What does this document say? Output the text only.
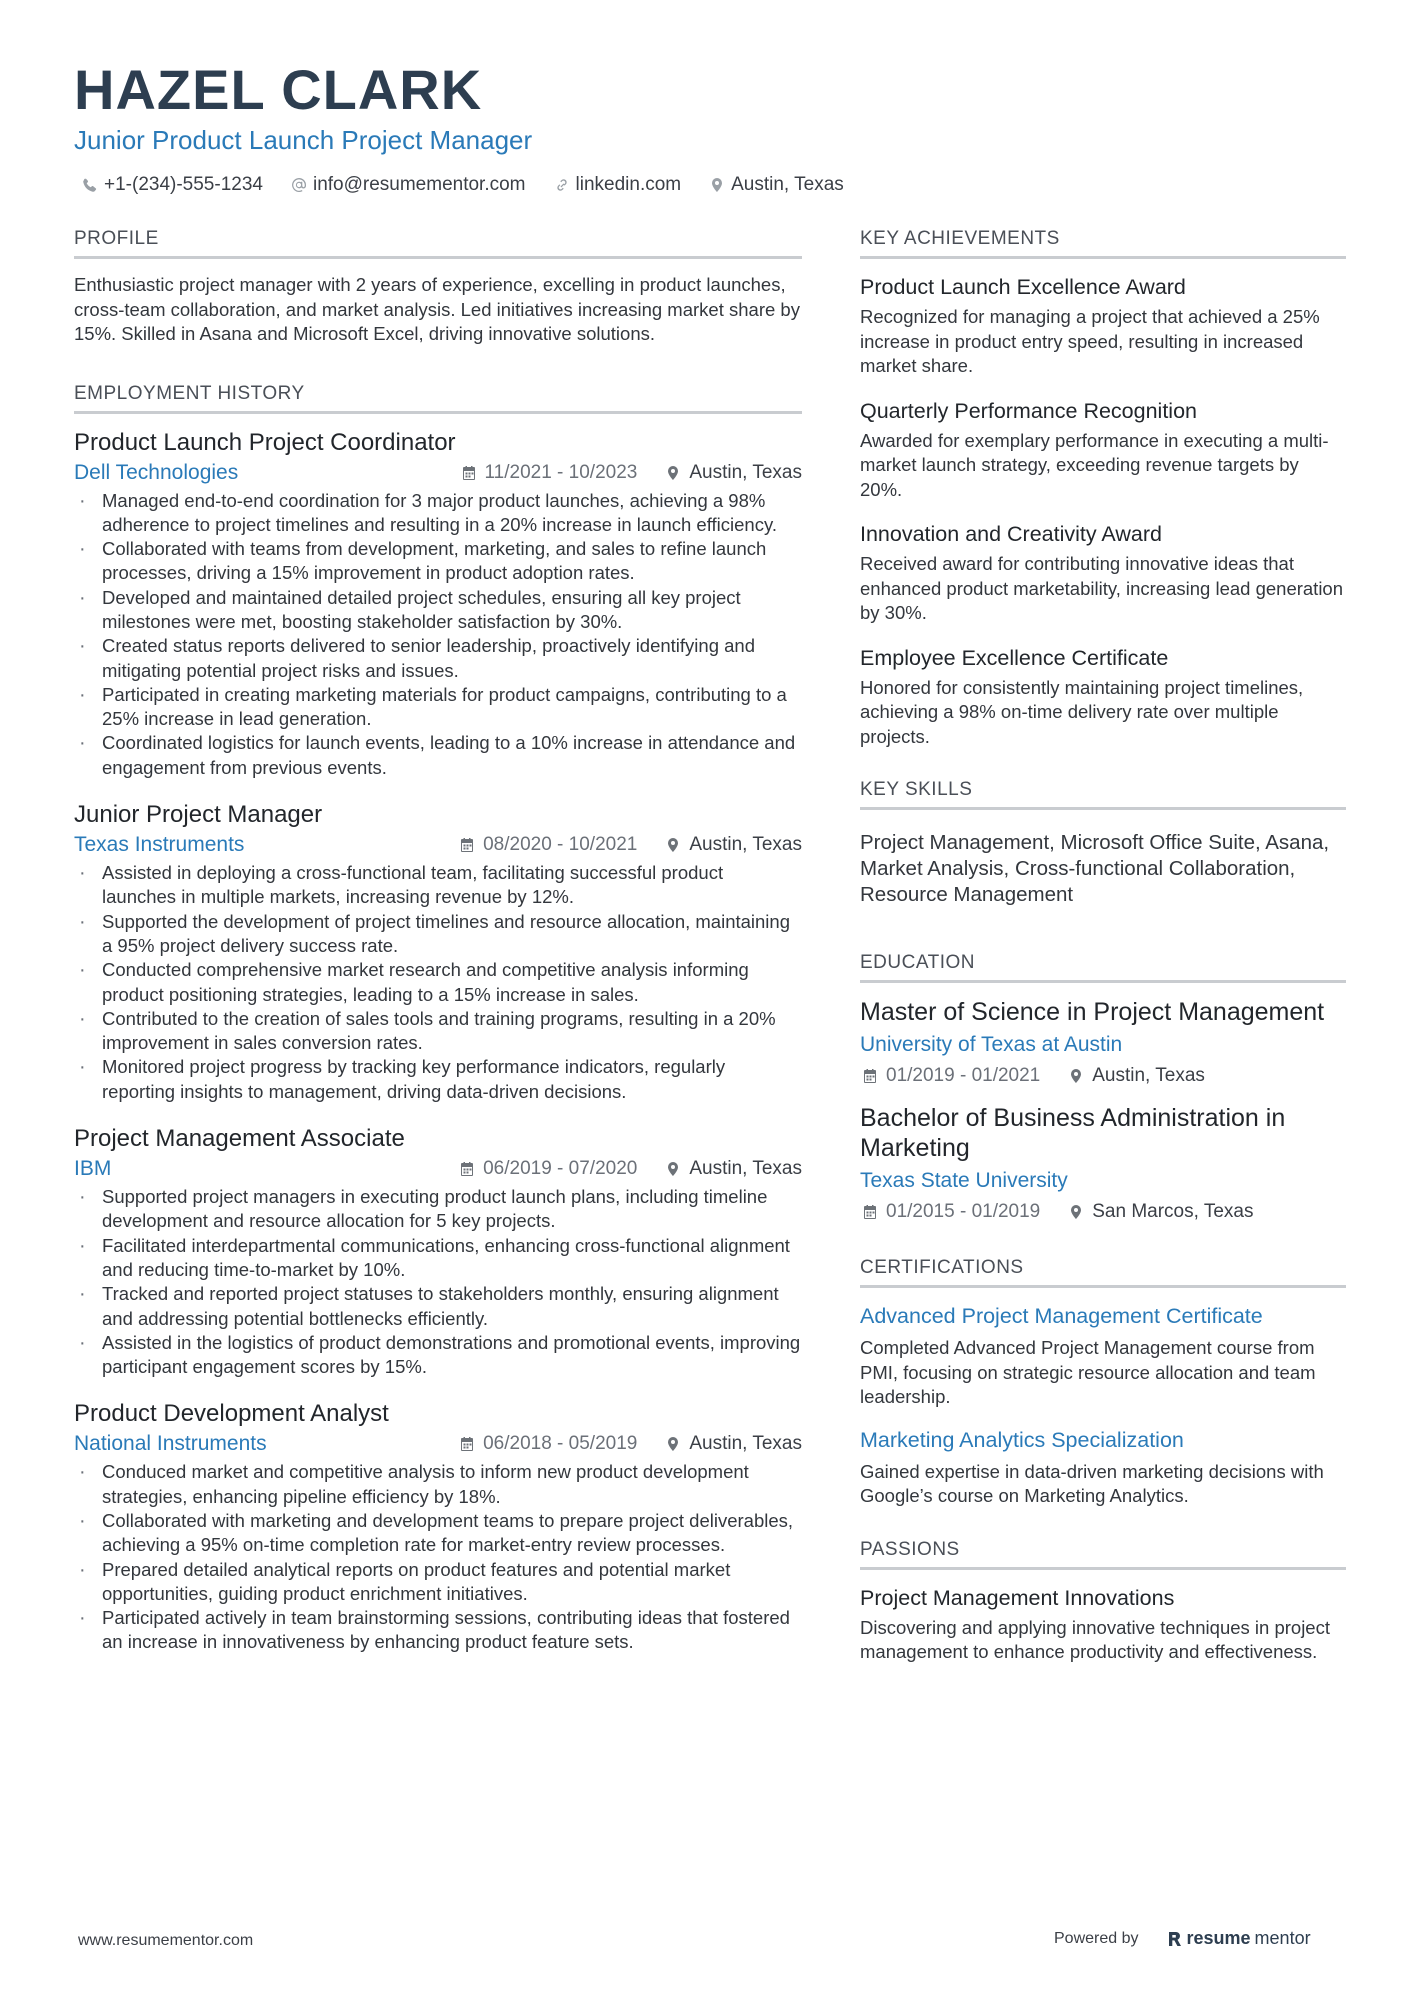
HAZEL CLARK
Junior Product Launch Project Manager
+1-(234)-555-1234	info@resumementor.com	linkedin.com	Austin, Texas
PROFILE
Enthusiastic project manager with 2 years of experience, excelling in product launches, cross-team collaboration, and market analysis. Led initiatives increasing market share by 15%. Skilled in Asana and Microsoft Excel, driving innovative solutions.
EMPLOYMENT HISTORY
Product Launch Project Coordinator
Dell Technologies	11/2021 - 10/2023	Austin, Texas
· Managed end-to-end coordination for 3 major product launches, achieving a 98% adherence to project timelines and resulting in a 20% increase in launch efficiency.
· Collaborated with teams from development, marketing, and sales to refine launch processes, driving a 15% improvement in product adoption rates.
· Developed and maintained detailed project schedules, ensuring all key project milestones were met, boosting stakeholder satisfaction by 30%.
· Created status reports delivered to senior leadership, proactively identifying and mitigating potential project risks and issues.
· Participated in creating marketing materials for product campaigns, contributing to a 25% increase in lead generation.
· Coordinated logistics for launch events, leading to a 10% increase in attendance and engagement from previous events.
Junior Project Manager
Texas Instruments	08/2020 - 10/2021	Austin, Texas
· Assisted in deploying a cross-functional team, facilitating successful product launches in multiple markets, increasing revenue by 12%.
· Supported the development of project timelines and resource allocation, maintaining a 95% project delivery success rate.
· Conducted comprehensive market research and competitive analysis informing product positioning strategies, leading to a 15% increase in sales.
· Contributed to the creation of sales tools and training programs, resulting in a 20% improvement in sales conversion rates.
· Monitored project progress by tracking key performance indicators, regularly reporting insights to management, driving data-driven decisions.
Project Management Associate
IBM	06/2019 - 07/2020	Austin, Texas
· Supported project managers in executing product launch plans, including timeline development and resource allocation for 5 key projects.
· Facilitated interdepartmental communications, enhancing cross-functional alignment and reducing time-to-market by 10%.
· Tracked and reported project statuses to stakeholders monthly, ensuring alignment and addressing potential bottlenecks efficiently.
· Assisted in the logistics of product demonstrations and promotional events, improving participant engagement scores by 15%.
Product Development Analyst
National Instruments	06/2018 - 05/2019	Austin, Texas
· Conduced market and competitive analysis to inform new product development strategies, enhancing pipeline efficiency by 18%.
· Collaborated with marketing and development teams to prepare project deliverables, achieving a 95% on-time completion rate for market-entry review processes.
· Prepared detailed analytical reports on product features and potential market opportunities, guiding product enrichment initiatives.
· Participated actively in team brainstorming sessions, contributing ideas that fostered an increase in innovativeness by enhancing product feature sets.
KEY ACHIEVEMENTS
Product Launch Excellence Award
Recognized for managing a project that achieved a 25% increase in product entry speed, resulting in increased market share.
Quarterly Performance Recognition
Awarded for exemplary performance in executing a multi-market launch strategy, exceeding revenue targets by 20%.
Innovation and Creativity Award
Received award for contributing innovative ideas that enhanced product marketability, increasing lead generation by 30%.
Employee Excellence Certificate
Honored for consistently maintaining project timelines, achieving a 98% on-time delivery rate over multiple projects.
KEY SKILLS
Project Management, Microsoft Office Suite, Asana, Market Analysis, Cross-functional Collaboration, Resource Management
EDUCATION
Master of Science in Project Management
University of Texas at Austin
01/2019 - 01/2021	Austin, Texas
Bachelor of Business Administration in Marketing
Texas State University
01/2015 - 01/2019	San Marcos, Texas
CERTIFICATIONS
Advanced Project Management Certificate
Completed Advanced Project Management course from PMI, focusing on strategic resource allocation and team leadership.
Marketing Analytics Specialization
Gained expertise in data-driven marketing decisions with Google’s course on Marketing Analytics.
PASSIONS
Project Management Innovations
Discovering and applying innovative techniques in project management to enhance productivity and effectiveness.
www.resumementor.com	Powered by	resume mentor
